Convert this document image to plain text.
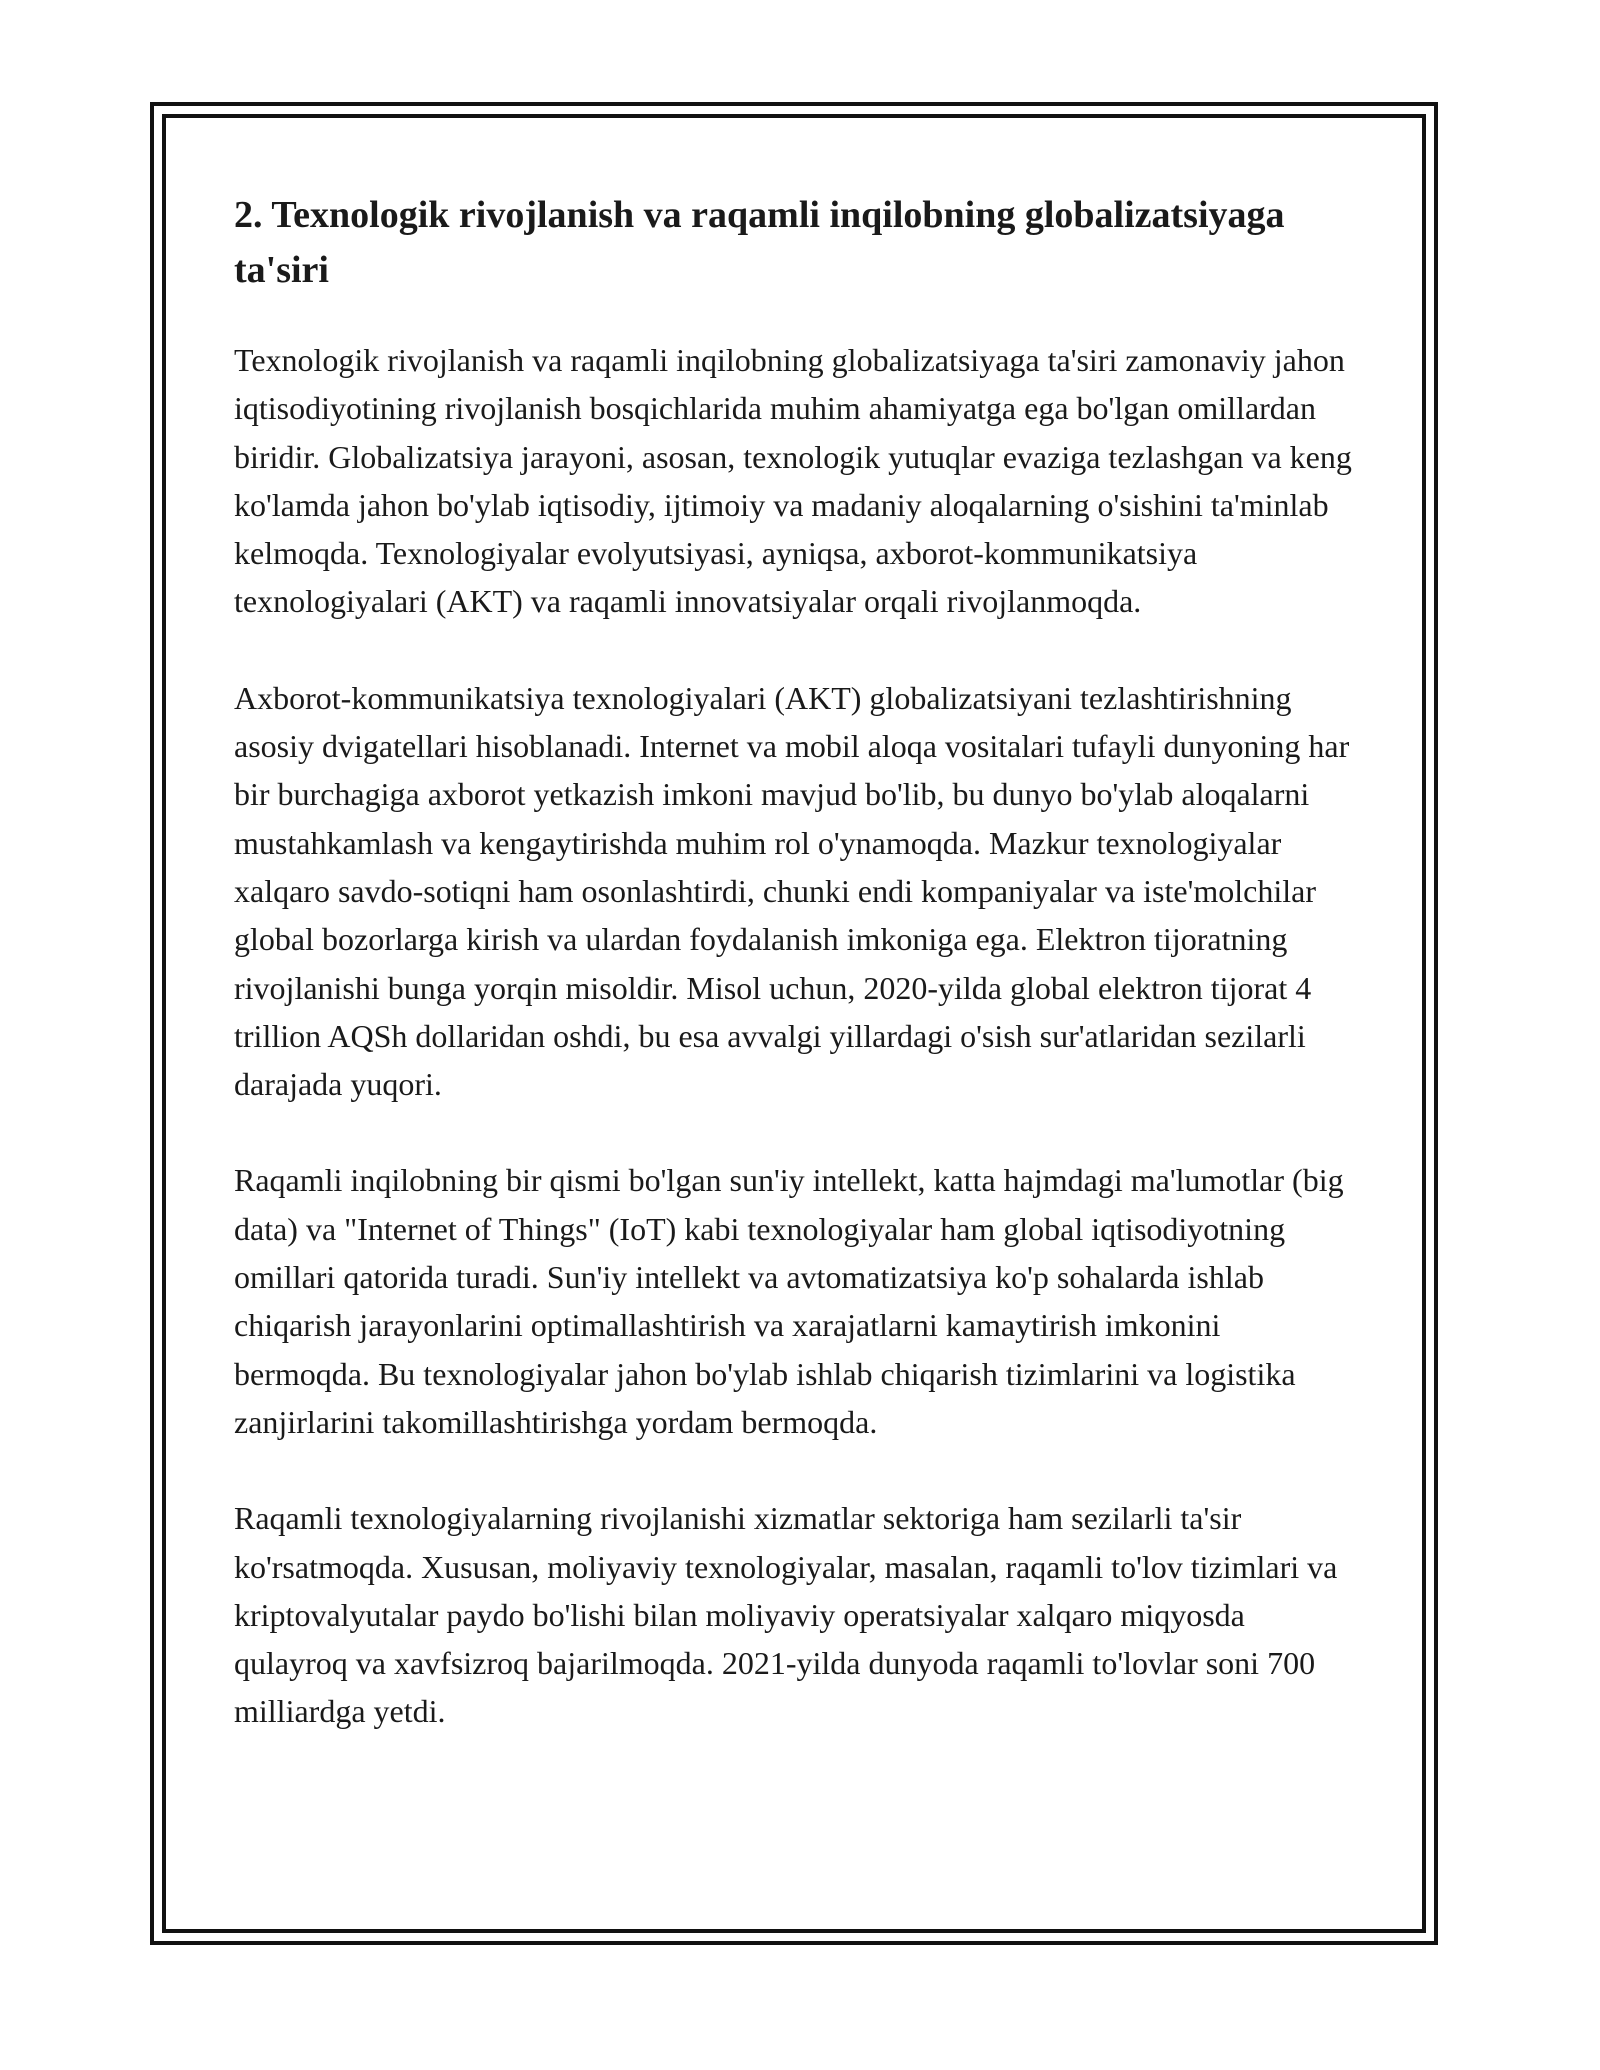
2. Texnologik rivojlanish va raqamli inqilobning globalizatsiyaga ta'siri

Texnologik rivojlanish va raqamli inqilobning globalizatsiyaga ta'siri zamonaviy jahon iqtisodiyotining rivojlanish bosqichlarida muhim ahamiyatga ega bo'lgan omillardan biridir. Globalizatsiya jarayoni, asosan, texnologik yutuqlar evaziga tezlashgan va keng ko'lamda jahon bo'ylab iqtisodiy, ijtimoiy va madaniy aloqalarning o'sishini ta'minlab kelmoqda. Texnologiyalar evolyutsiyasi, ayniqsa, axborot-kommunikatsiya texnologiyalari (AKT) va raqamli innovatsiyalar orqali rivojlanmoqda.

Axborot-kommunikatsiya texnologiyalari (AKT) globalizatsiyani tezlashtirishning asosiy dvigatellari hisoblanadi. Internet va mobil aloqa vositalari tufayli dunyoning har bir burchagiga axborot yetkazish imkoni mavjud bo'lib, bu dunyo bo'ylab aloqalarni mustahkamlash va kengaytirishda muhim rol o'ynamoqda. Mazkur texnologiyalar xalqaro savdo-sotiqni ham osonlashtirdi, chunki endi kompaniyalar va iste'molchilar global bozorlarga kirish va ulardan foydalanish imkoniga ega. Elektron tijoratning rivojlanishi bunga yorqin misoldir. Misol uchun, 2020-yilda global elektron tijorat 4 trillion AQSh dollaridan oshdi, bu esa avvalgi yillardagi o'sish sur'atlaridan sezilarli darajada yuqori.

Raqamli inqilobning bir qismi bo'lgan sun'iy intellekt, katta hajmdagi ma'lumotlar (big data) va "Internet of Things" (IoT) kabi texnologiyalar ham global iqtisodiyotning omillari qatorida turadi. Sun'iy intellekt va avtomatizatsiya ko'p sohalarda ishlab chiqarish jarayonlarini optimallashtirish va xarajatlarni kamaytirish imkonini bermoqda. Bu texnologiyalar jahon bo'ylab ishlab chiqarish tizimlarini va logistika zanjirlarini takomillashtirishga yordam bermoqda.

Raqamli texnologiyalarning rivojlanishi xizmatlar sektoriga ham sezilarli ta'sir ko'rsatmoqda. Xususan, moliyaviy texnologiyalar, masalan, raqamli to'lov tizimlari va kriptovalyutalar paydo bo'lishi bilan moliyaviy operatsiyalar xalqaro miqyosda qulayroq va xavfsizroq bajarilmoqda. 2021-yilda dunyoda raqamli to'lovlar soni 700 milliardga yetdi.
